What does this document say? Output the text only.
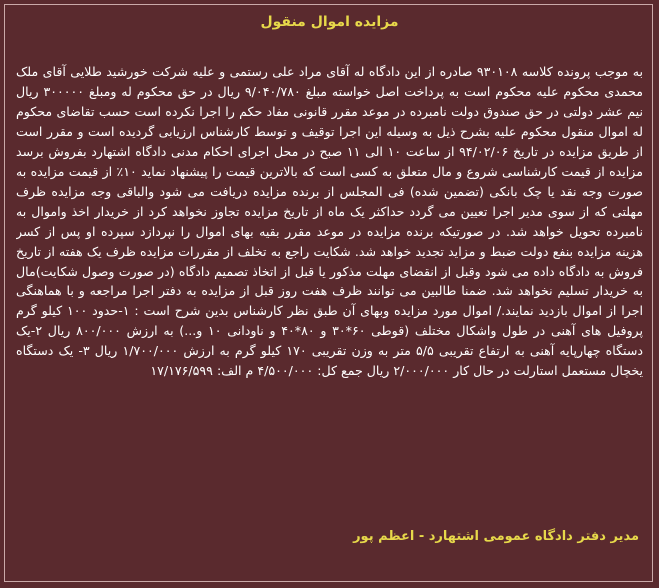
مزایده اموال منقول
به موجب پرونده کلاسه ۹۳۰۱۰۸ صادره از این دادگاه له آقای مراد علی رستمی و علیه شرکت خورشید طلایی آقای ملک محمدی محکوم علیه محکوم است به پرداخت اصل خواسته مبلغ ۹/۰۴۰/۷۸۰ ریال در حق محکوم له ومبلغ ۳۰۰۰۰۰ ریال نیم عشر دولتی در حق صندوق دولت نامبرده در موعد مقرر قانونی مفاد حکم را اجرا نکرده است حسب تقاضای محکوم له اموال منقول محکوم علیه بشرح ذیل به وسیله این اجرا توقیف و توسط کارشناس ارزیابی گردیده است و مقرر است از طریق مزایده در تاریخ ۹۴/۰۲/۰۶ از ساعت ۱۰ الی ۱۱ صبح در محل اجرای احکام مدنی دادگاه اشتهارد بفروش برسد مزایده از قیمت کارشناسی شروع و مال متعلق به کسی است که بالاترین قیمت را پیشنهاد نماید ۱۰٪ از قیمت مزایده به صورت وجه نقد یا چک بانکی (تضمین شده) فی المجلس از برنده مزایده دریافت می شود والباقی وجه مزایده ظرف مهلتی که از سوی مدیر اجرا تعیین می گردد حداکثر یک ماه از تاریخ مزایده تجاوز نخواهد کرد از خریدار اخذ واموال به نامبرده تحویل خواهد شد. در صورتیکه برنده مزایده در موعد مقرر بقیه بهای اموال را نپردازد سپرده او پس از کسر هزینه مزایده بنفع دولت ضبط و مزاید تجدید خواهد شد. شکایت راجع به تخلف از مقررات مزایده ظرف یک هفته از تاریخ فروش به دادگاه داده می شود وقبل از انقضای مهلت مذکور یا قبل از اتخاذ تصمیم دادگاه (در صورت وصول شکایت)مال به خریدار تسلیم نخواهد شد. ضمنا طالبین می توانند ظرف هفت روز قبل از مزایده به دفتر اجرا مراجعه و با هماهنگی اجرا از اموال بازدید نمایند./ اموال مورد مزایده وبهای آن طبق نظر کارشناس بدین شرح است : ۱-حدود ۱۰۰ کیلو گرم پروفیل های آهنی در طول واشکال مختلف (قوطی ۶۰*۳۰ و ۸۰*۴۰ و ناودانی ۱۰ و...) به ارزش ۸۰۰/۰۰۰ ریال ۲-یک دستگاه چهارپایه آهنی به ارتفاع تقریبی ۵/۵ متر به وزن تقریبی ۱۷۰ کیلو گرم به ارزش ۱/۷۰۰/۰۰۰ ریال ۳- یک دستگاه یخچال مستعمل استارلت در حال کار ۲/۰۰۰/۰۰۰ ریال جمع کل: ۴/۵۰۰/۰۰۰ م الف: ۱۷/۱۷۶/۵۹۹
مدیر دفتر دادگاه عمومی اشتهارد - اعظم پور
